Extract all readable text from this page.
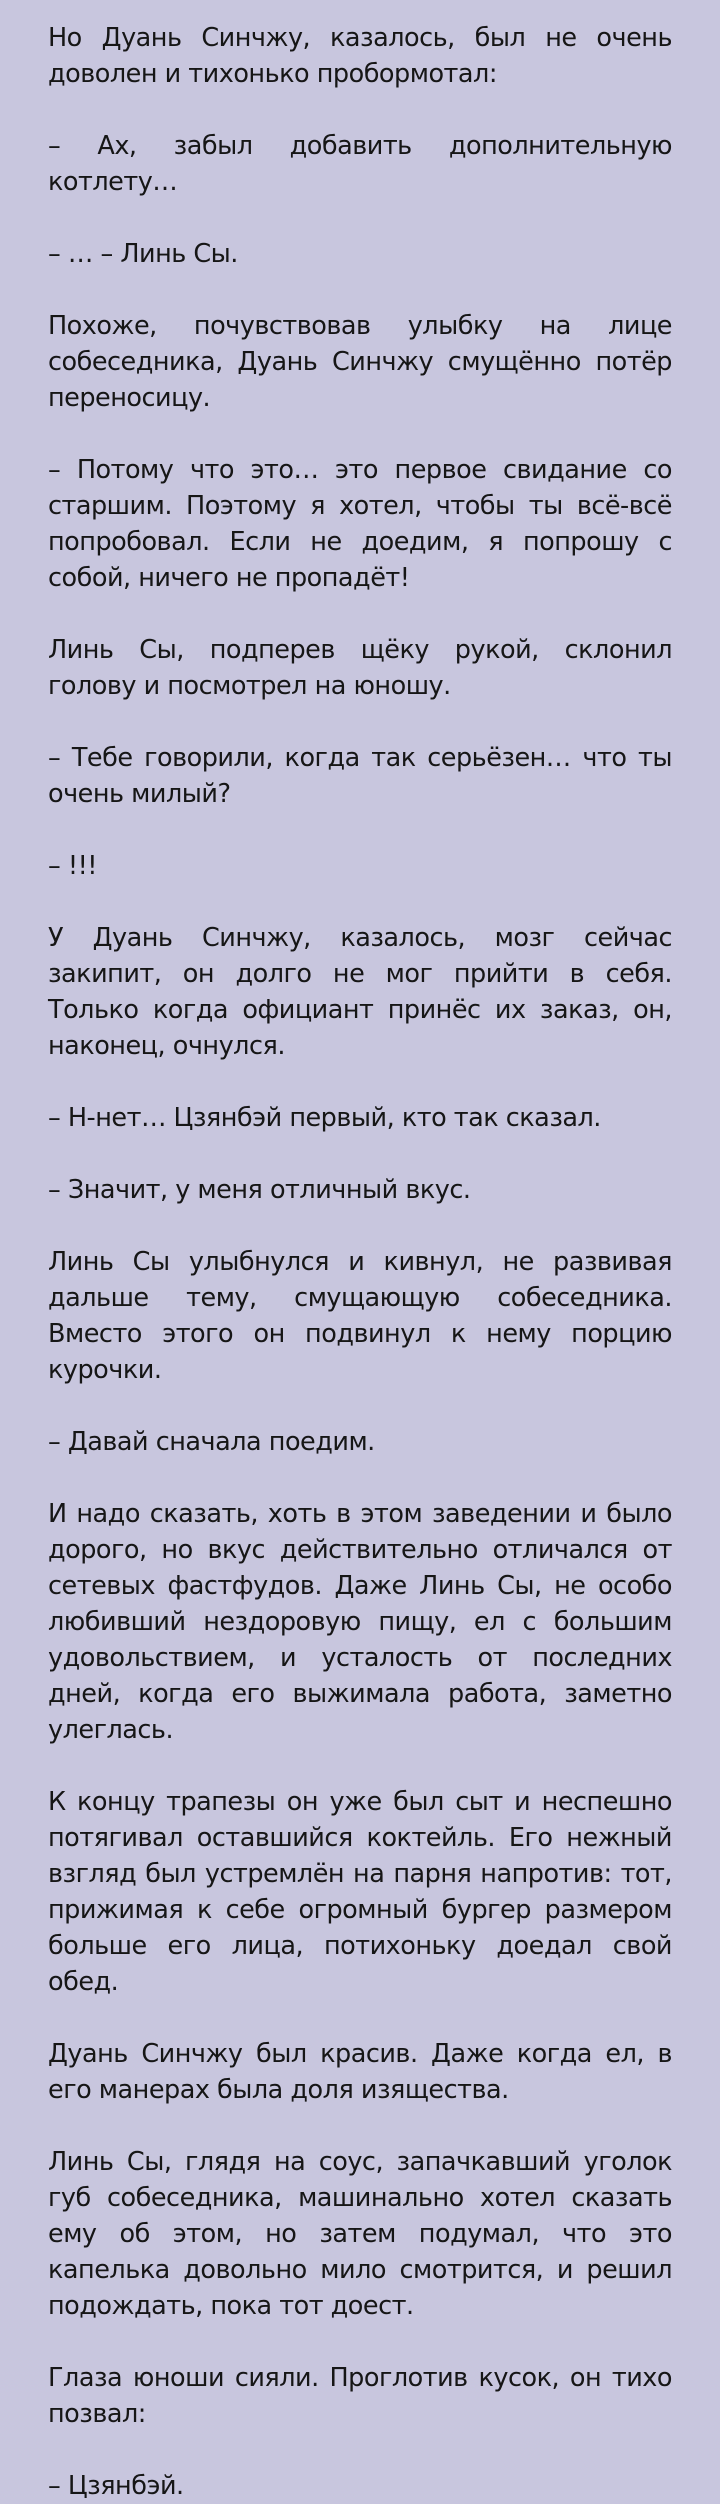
Но Дуань Синчжу, казалось, был не очень доволен и тихонько пробормотал:

– Ах, забыл добавить дополнительную котлету…

– … – Линь Сы.

Похоже, почувствовав улыбку на лице собеседника, Дуань Синчжу смущённо потёр переносицу.

– Потому что это… это первое свидание со старшим. Поэтому я хотел, чтобы ты всё-всё попробовал. Если не доедим, я попрошу с собой, ничего не пропадёт!

Линь Сы, подперев щёку рукой, склонил голову и посмотрел на юношу.

– Тебе говорили, когда так серьёзен… что ты очень милый?

– !!!

У Дуань Синчжу, казалось, мозг сейчас закипит, он долго не мог прийти в себя. Только когда официант принёс их заказ, он, наконец, очнулся.

– Н-нет… Цзянбэй первый, кто так сказал.

– Значит, у меня отличный вкус.

Линь Сы улыбнулся и кивнул, не развивая дальше тему, смущающую собеседника. Вместо этого он подвинул к нему порцию курочки.

– Давай сначала поедим.

И надо сказать, хоть в этом заведении и было дорого, но вкус действительно отличался от сетевых фастфудов. Даже Линь Сы, не особо любивший нездоровую пищу, ел с большим удовольствием, и усталость от последних дней, когда его выжимала работа, заметно улеглась.

К концу трапезы он уже был сыт и неспешно потягивал оставшийся коктейль. Его нежный взгляд был устремлён на парня напротив: тот, прижимая к себе огромный бургер размером больше его лица, потихоньку доедал свой обед.

Дуань Синчжу был красив. Даже когда ел, в его манерах была доля изящества.

Линь Сы, глядя на соус, запачкавший уголок губ собеседника, машинально хотел сказать ему об этом, но затем подумал, что это капелька довольно мило смотрится, и решил подождать, пока тот доест.

Глаза юноши сияли. Проглотив кусок, он тихо позвал:

– Цзянбэй.
